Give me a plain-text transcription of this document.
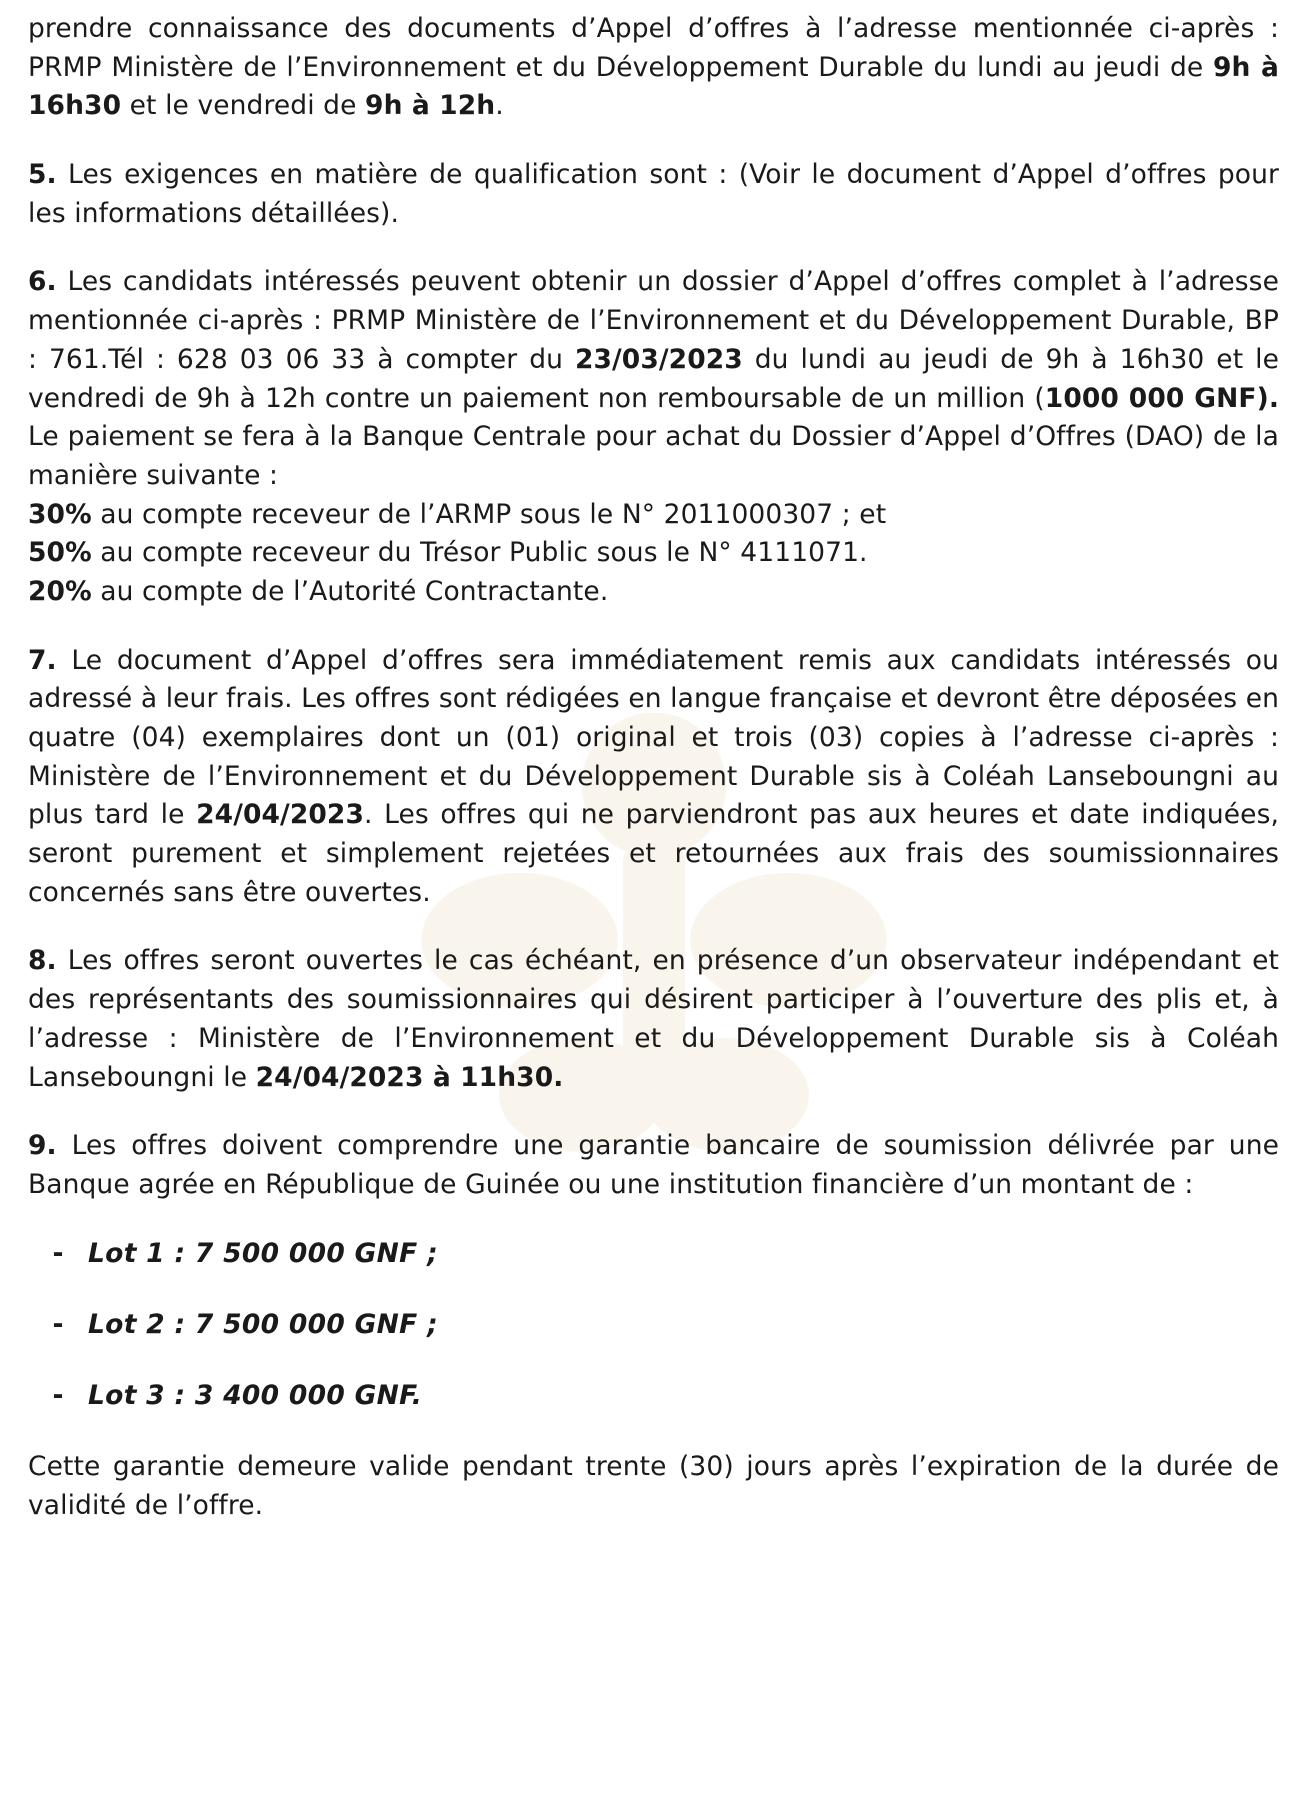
prendre connaissance des documents d’Appel d’offres à l’adresse mentionnée ci-après : PRMP Ministère de l’Environnement et du Développement Durable du lundi au jeudi de 9h à 16h30 et le vendredi de 9h à 12h.

5. Les exigences en matière de qualification sont : (Voir le document d’Appel d’offres pour les informations détaillées).

6. Les candidats intéressés peuvent obtenir un dossier d’Appel d’offres complet à l’adresse mentionnée ci-après : PRMP Ministère de l’Environnement et du Développement Durable, BP : 761.Tél : 628 03 06 33 à compter du 23/03/2023 du lundi au jeudi de 9h à 16h30 et le vendredi de 9h à 12h contre un paiement non remboursable de un million (1000 000 GNF). Le paiement se fera à la Banque Centrale pour achat du Dossier d’Appel d’Offres (DAO) de la manière suivante :

30% au compte receveur de l’ARMP sous le N° 2011000307 ; et

50% au compte receveur du Trésor Public sous le N° 4111071.

20% au compte de l’Autorité Contractante.

7. Le document d’Appel d’offres sera immédiatement remis aux candidats intéressés ou adressé à leur frais. Les offres sont rédigées en langue française et devront être déposées en quatre (04) exemplaires dont un (01) original et trois (03) copies à l’adresse ci-après : Ministère de l’Environnement et du Développement Durable sis à Coléah Lanseboungni au plus tard le 24/04/2023. Les offres qui ne parviendront pas aux heures et date indiquées, seront purement et simplement rejetées et retournées aux frais des soumissionnaires concernés sans être ouvertes.

8. Les offres seront ouvertes le cas échéant, en présence d’un observateur indépendant et des représentants des soumissionnaires qui désirent participer à l’ouverture des plis et, à l’adresse : Ministère de l’Environnement et du Développement Durable sis à Coléah Lanseboungni le 24/04/2023 à 11h30.

9. Les offres doivent comprendre une garantie bancaire de soumission délivrée par une Banque agrée en République de Guinée ou une institution financière d’un montant de :

- Lot 1 : 7 500 000 GNF ;
- Lot 2 : 7 500 000 GNF ;
- Lot 3 : 3 400 000 GNF.

Cette garantie demeure valide pendant trente (30) jours après l’expiration de la durée de validité de l’offre.
